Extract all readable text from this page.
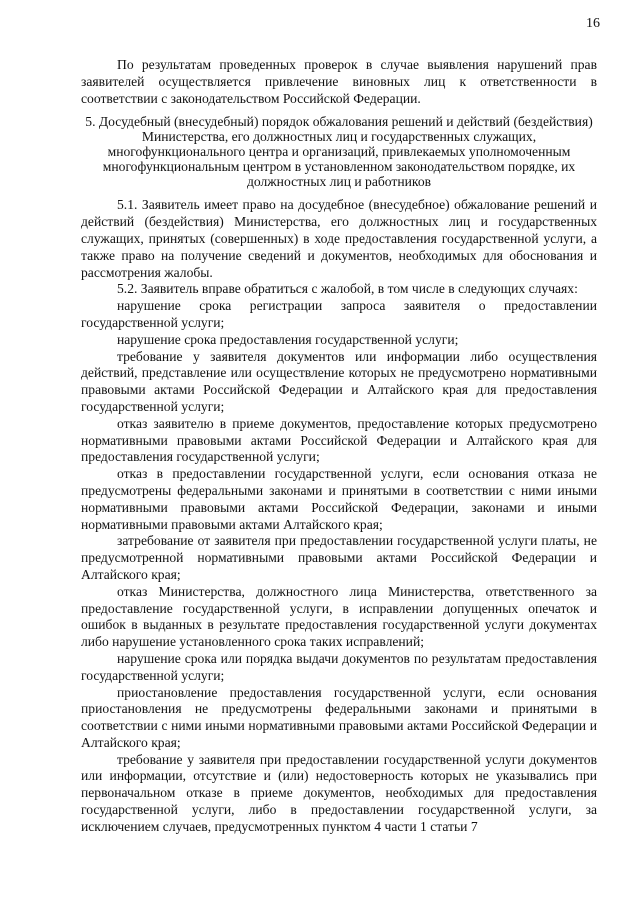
16

По результатам проведенных проверок в случае выявления нарушений прав заявителей осуществляется привлечение виновных лиц к ответственности в соответствии с законодательством Российской Федерации.

5. Досудебный (внесудебный) порядок обжалования решений и действий (бездействия) Министерства, его должностных лиц и государственных служащих, многофункционального центра и организаций, привлекаемых уполномоченным многофункциональным центром в установленном законодательством порядке, их должностных лиц и работников

5.1. Заявитель имеет право на досудебное (внесудебное) обжалование решений и действий (бездействия) Министерства, его должностных лиц и государственных служащих, принятых (совершенных) в ходе предоставления государственной услуги, а также право на получение сведений и документов, необходимых для обоснования и рассмотрения жалобы.

5.2. Заявитель вправе обратиться с жалобой, в том числе в следующих случаях:

нарушение срока регистрации запроса заявителя о предоставлении государственной услуги;

нарушение срока предоставления государственной услуги;

требование у заявителя документов или информации либо осуществления действий, представление или осуществление которых не предусмотрено нормативными правовыми актами Российской Федерации и Алтайского края для предоставления государственной услуги;

отказ заявителю в приеме документов, предоставление которых предусмотрено нормативными правовыми актами Российской Федерации и Алтайского края для предоставления государственной услуги;

отказ в предоставлении государственной услуги, если основания отказа не предусмотрены федеральными законами и принятыми в соответствии с ними иными нормативными правовыми актами Российской Федерации, законами и иными нормативными правовыми актами Алтайского края;

затребование от заявителя при предоставлении государственной услуги платы, не предусмотренной нормативными правовыми актами Российской Федерации и Алтайского края;

отказ Министерства, должностного лица Министерства, ответственного за предоставление государственной услуги, в исправлении допущенных опечаток и ошибок в выданных в результате предоставления государственной услуги документах либо нарушение установленного срока таких исправлений;

нарушение срока или порядка выдачи документов по результатам предоставления государственной услуги;

приостановление предоставления государственной услуги, если основания приостановления не предусмотрены федеральными законами и принятыми в соответствии с ними иными нормативными правовыми актами Российской Федерации и Алтайского края;

требование у заявителя при предоставлении государственной услуги документов или информации, отсутствие и (или) недостоверность которых не указывались при первоначальном отказе в приеме документов, необходимых для предоставления государственной услуги, либо в предоставлении государственной услуги, за исключением случаев, предусмотренных пунктом 4 части 1 статьи 7
